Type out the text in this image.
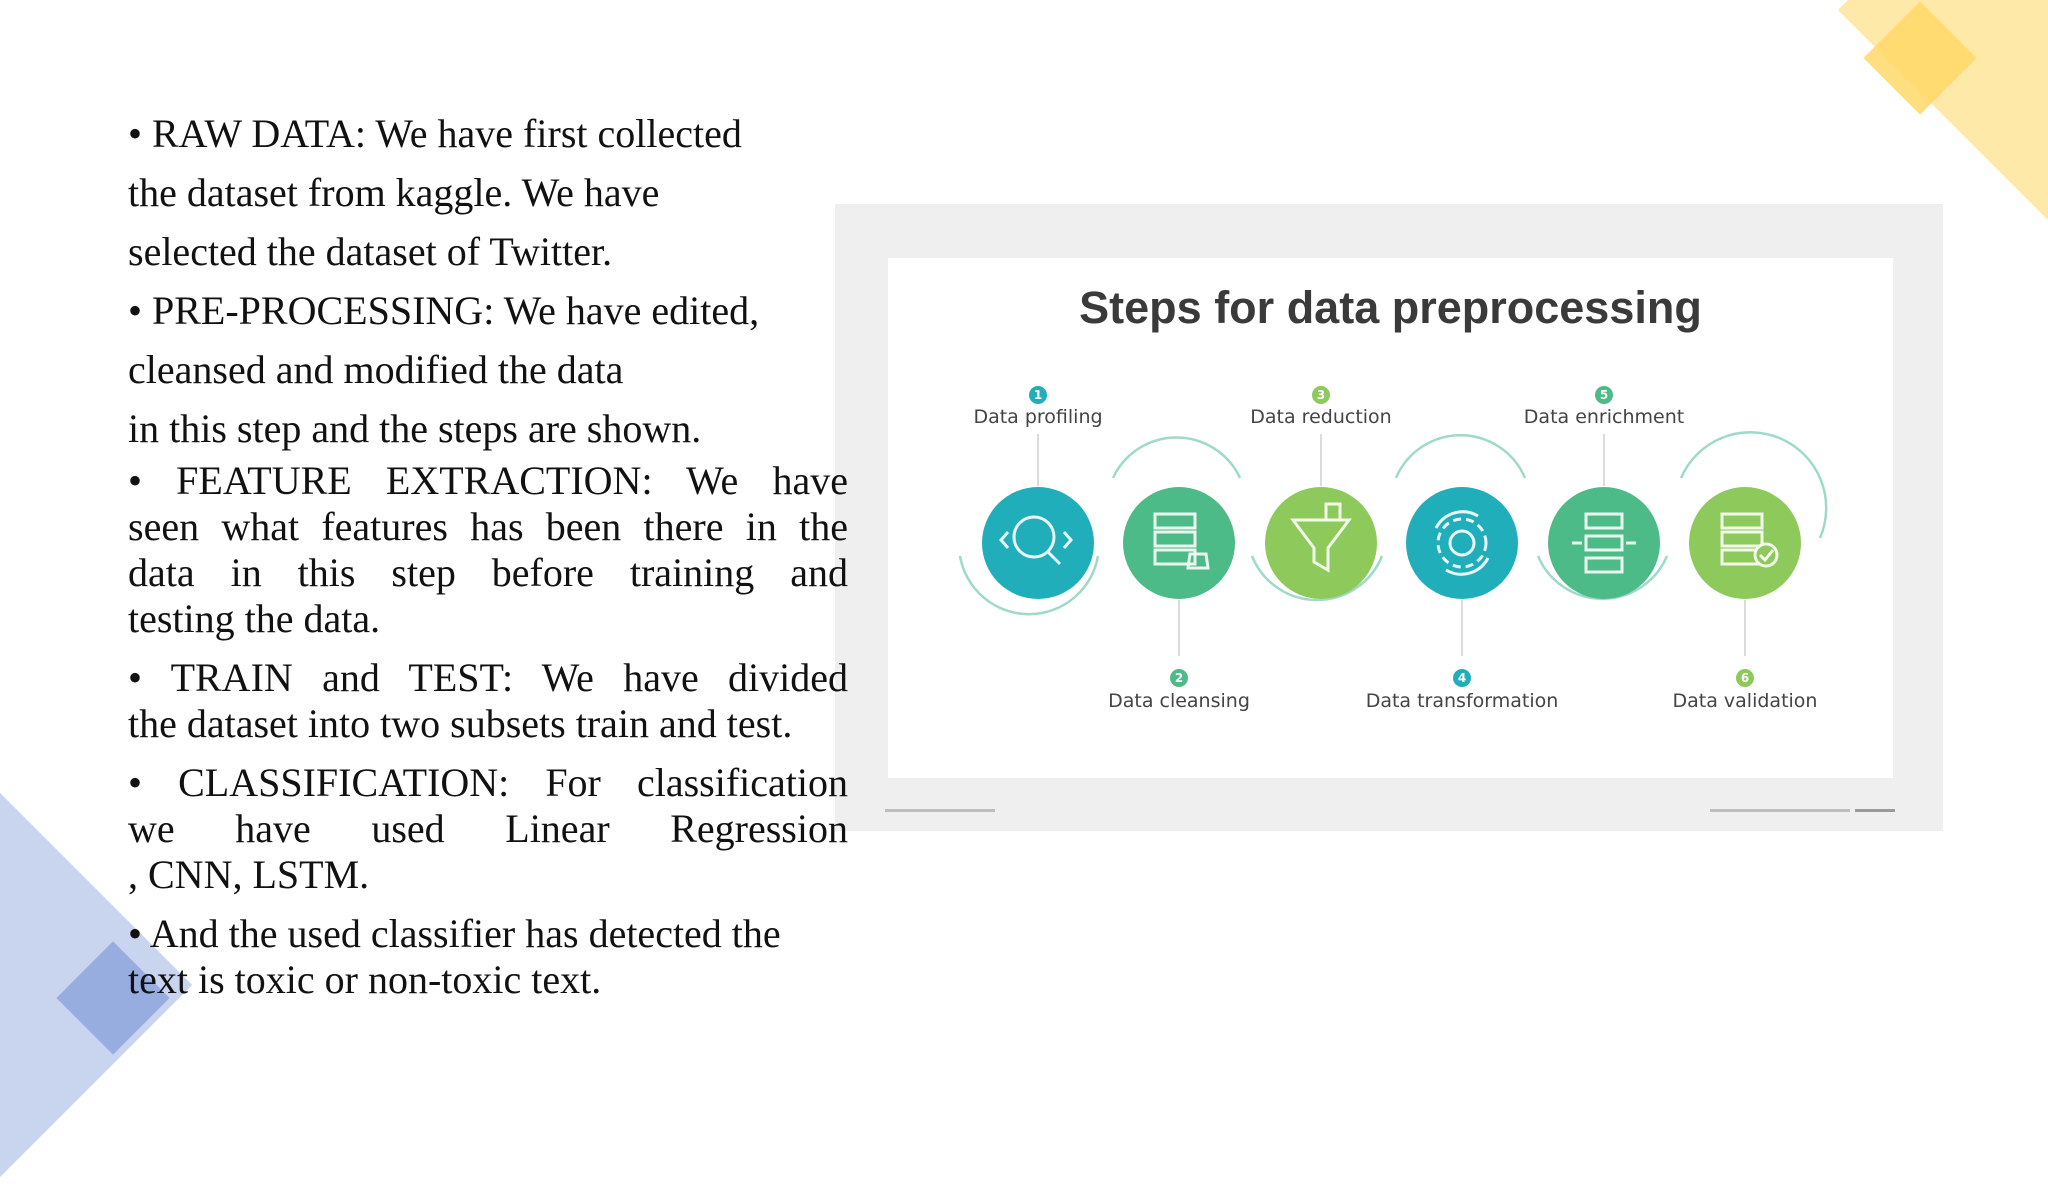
• RAW DATA: We have first collected
the dataset from kaggle. We have
selected the dataset of Twitter.
• PRE-PROCESSING: We have edited,
cleansed and modified the data
in this step and the steps are shown.
• FEATURE EXTRACTION: We have
seen what features has been there in the
data in this step before training and
testing the data.
• TRAIN and TEST: We have divided
the dataset into two subsets train and test.
• CLASSIFICATION: For classification
we have used Linear Regression
, CNN, LSTM.
• And the used classifier has detected the
text is toxic or non-toxic text.
Steps for data preprocessing
1
Data profiling
3
Data reduction
5
Data enrichment
2
Data cleansing
4
Data transformation
6
Data validation
